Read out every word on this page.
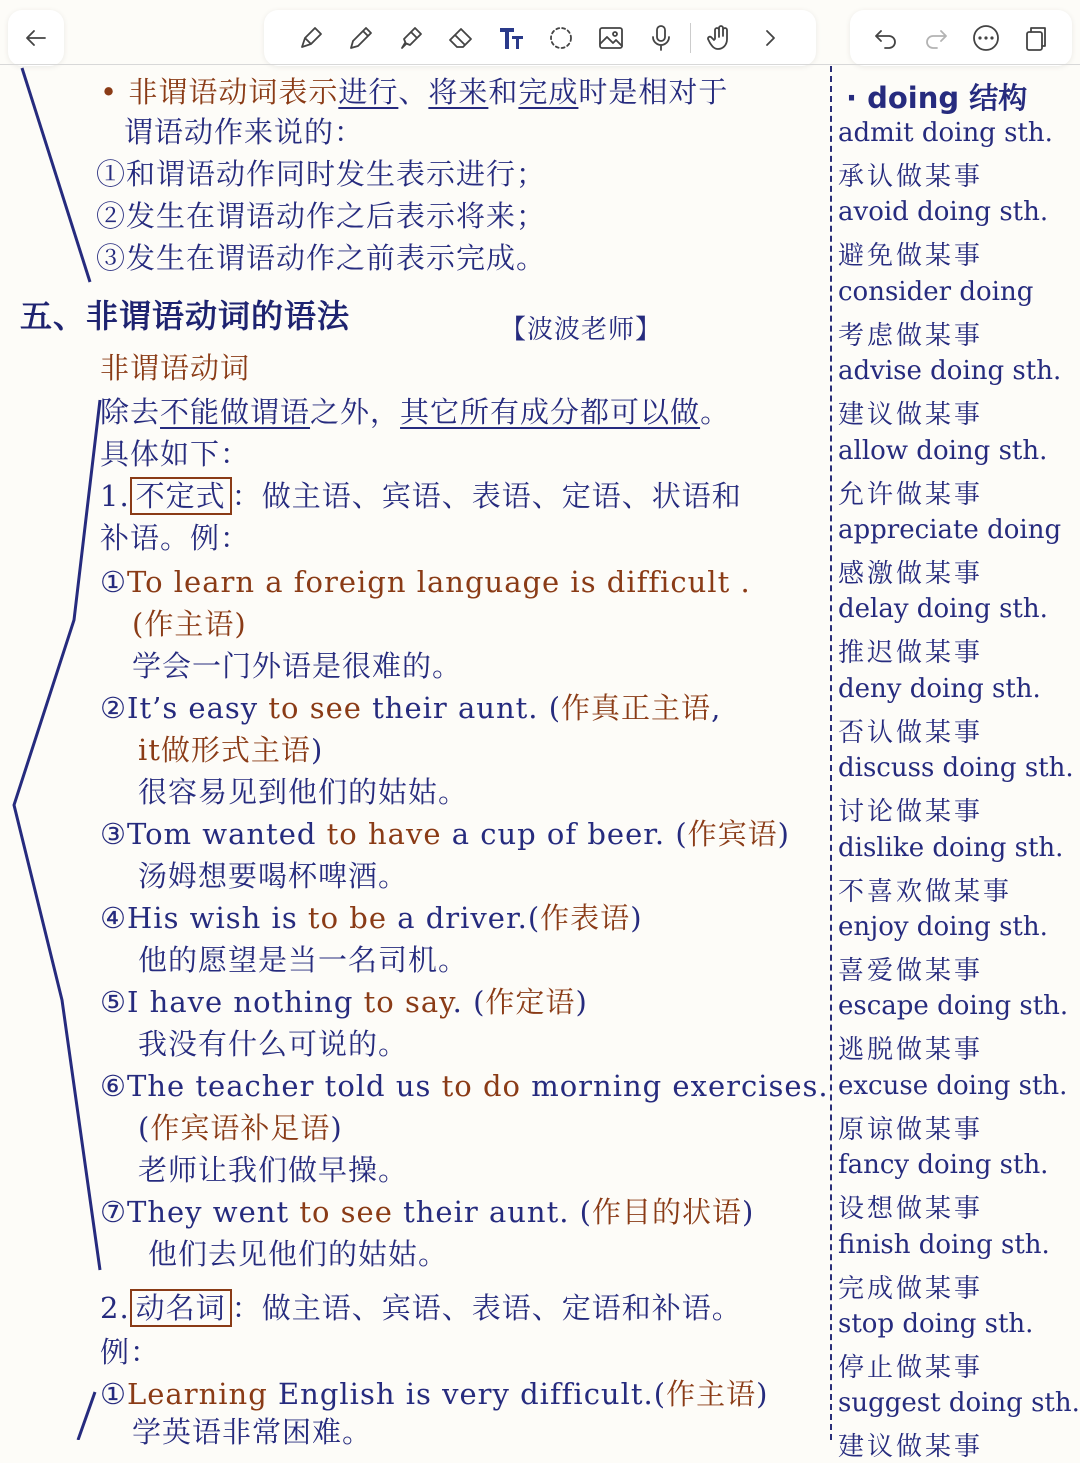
• 非谓语动词表示进行、将来和完成时是相对于
谓语动作来说的：
①和谓语动作同时发生表示进行；
②发生在谓语动作之后表示将来；
③发生在谓语动作之前表示完成。
五、非谓语动词的语法	【波波老师】
非谓语动词
除去不能做谓语之外，其它所有成分都可以做。
具体如下：
1. 不定式 ：做主语、宾语、表语、定语、状语和
补语。例：
①To learn a foreign language is difficult .
(作主语)
学会一门外语是很难的。
②It’s easy to see their aunt. (作真正主语,
it做形式主语)
很容易见到他们的姑姑。
③Tom wanted to have a cup of beer. (作宾语)
汤姆想要喝杯啤酒。
④His wish is to be a driver.(作表语)
他的愿望是当一名司机。
⑤I have nothing to say. (作定语)
我没有什么可说的。
⑥The teacher told us to do morning exercises.
(作宾语补足语)
老师让我们做早操。
⑦They went to see their aunt. (作目的状语)
他们去见他们的姑姑。
2. 动名词 ：做主语、宾语、表语、定语和补语。
例：
①Learning English is very difficult.(作主语)
学英语非常困难。
· doing 结构
admit doing sth.
承认做某事
avoid doing sth.
避免做某事
consider doing
考虑做某事
advise doing sth.
建议做某事
allow doing sth.
允许做某事
appreciate doing
感激做某事
delay doing sth.
推迟做某事
deny doing sth.
否认做某事
discuss doing sth.
讨论做某事
dislike doing sth.
不喜欢做某事
enjoy doing sth.
喜爱做某事
escape doing sth.
逃脱做某事
excuse doing sth.
原谅做某事
fancy doing sth.
设想做某事
finish doing sth.
完成做某事
stop doing sth.
停止做某事
suggest doing sth.
建议做某事
